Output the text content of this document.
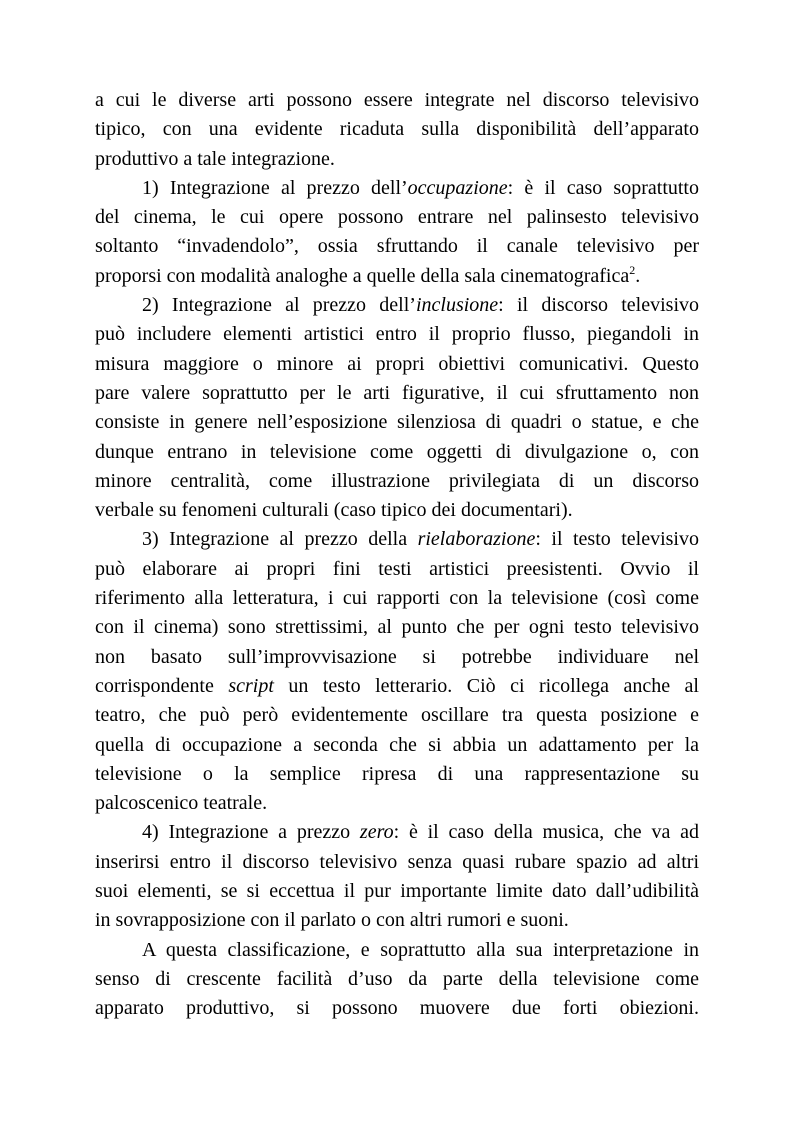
a cui le diverse arti possono essere integrate nel discorso televisivo
tipico, con una evidente ricaduta sulla disponibilità dell’apparato
produttivo a tale integrazione.
1) Integrazione al prezzo dell’occupazione: è il caso soprattutto
del cinema, le cui opere possono entrare nel palinsesto televisivo
soltanto “invadendolo”, ossia sfruttando il canale televisivo per
proporsi con modalità analoghe a quelle della sala cinematografica$^2$.
2) Integrazione al prezzo dell’inclusione: il discorso televisivo
può includere elementi artistici entro il proprio flusso, piegandoli in
misura maggiore o minore ai propri obiettivi comunicativi. Questo
pare valere soprattutto per le arti figurative, il cui sfruttamento non
consiste in genere nell’esposizione silenziosa di quadri o statue, e che
dunque entrano in televisione come oggetti di divulgazione o, con
minore centralità, come illustrazione privilegiata di un discorso
verbale su fenomeni culturali (caso tipico dei documentari).
3) Integrazione al prezzo della rielaborazione: il testo televisivo
può elaborare ai propri fini testi artistici preesistenti. Ovvio il
riferimento alla letteratura, i cui rapporti con la televisione (così come
con il cinema) sono strettissimi, al punto che per ogni testo televisivo
non basato sull’improvvisazione si potrebbe individuare nel
corrispondente script un testo letterario. Ciò ci ricollega anche al
teatro, che può però evidentemente oscillare tra questa posizione e
quella di occupazione a seconda che si abbia un adattamento per la
televisione o la semplice ripresa di una rappresentazione su
palcoscenico teatrale.
4) Integrazione a prezzo zero: è il caso della musica, che va ad
inserirsi entro il discorso televisivo senza quasi rubare spazio ad altri
suoi elementi, se si eccettua il pur importante limite dato dall’udibilità
in sovrapposizione con il parlato o con altri rumori e suoni.
A questa classificazione, e soprattutto alla sua interpretazione in
senso di crescente facilità d’uso da parte della televisione come
apparato produttivo, si possono muovere due forti obiezioni.
